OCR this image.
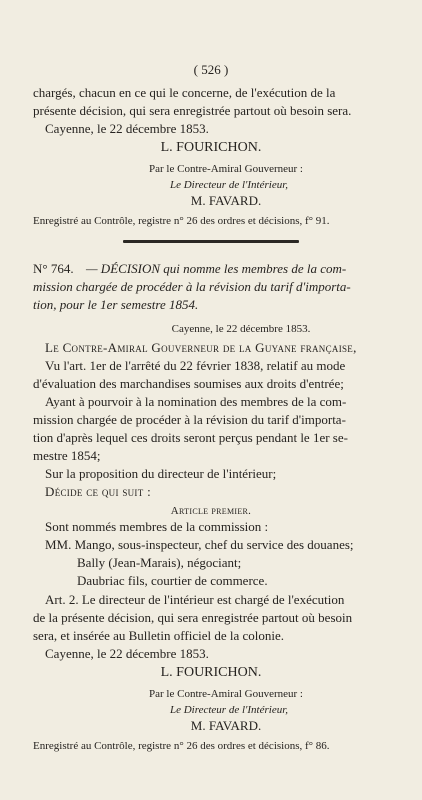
( 526 )
chargés, chacun en ce qui le concerne, de l'exécution de la
présente décision, qui sera enregistrée partout où besoin sera.
Cayenne, le 22 décembre 1853.
L. FOURICHON.
Par le Contre-Amiral Gouverneur :
Le Directeur de l'Intérieur,
M. FAVARD.
Enregistré au Contrôle, registre n° 26 des ordres et décisions, f° 91.
N° 764. — DÉCISION qui nomme les membres de la com-
mission chargée de procéder à la révision du tarif d'importa-
tion, pour le 1er semestre 1854.
Cayenne, le 22 décembre 1853.
Le Contre-Amiral Gouverneur de la Guyane française,
Vu l'art. 1er de l'arrêté du 22 février 1838, relatif au mode
d'évaluation des marchandises soumises aux droits d'entrée;
Ayant à pourvoir à la nomination des membres de la com-
mission chargée de procéder à la révision du tarif d'importa-
tion d'après lequel ces droits seront perçus pendant le 1er se-
mestre 1854;
Sur la proposition du directeur de l'intérieur;
Décide ce qui suit :
Article premier.
Sont nommés membres de la commission :
MM. Mango, sous-inspecteur, chef du service des douanes;
Bally (Jean-Marais), négociant;
Daubriac fils, courtier de commerce.
Art. 2. Le directeur de l'intérieur est chargé de l'exécution
de la présente décision, qui sera enregistrée partout où besoin
sera, et insérée au Bulletin officiel de la colonie.
Cayenne, le 22 décembre 1853.
L. FOURICHON.
Par le Contre-Amiral Gouverneur :
Le Directeur de l'Intérieur,
M. FAVARD.
Enregistré au Contrôle, registre n° 26 des ordres et décisions, f° 86.
